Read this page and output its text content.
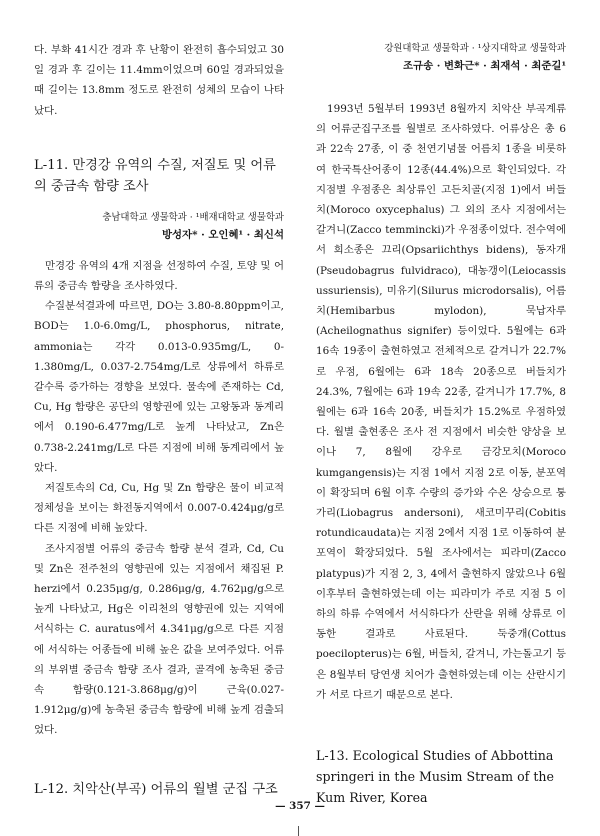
다. 부화 41시간 경과 후 난황이 완전히 흡수되었고 30일 경과 후 길이는 11.4mm이었으며 60일 경과되었을 때 길이는 13.8mm 정도로 완전히 성체의 모습이 나타났다.

L-11. 만경강 유역의 수질, 저질토 및 어류의 중금속 함량 조사

충남대학교 생물학과 · ¹배재대학교 생물학과

방성자* · 오인혜¹ · 최신석

만경강 유역의 4개 지점을 선정하여 수질, 토양 및 어류의 중금속 함량을 조사하였다.

수질분석결과에 따르면, DO는 3.80-8.80ppm이고, BOD는 1.0-6.0mg/L, phosphorus, nitrate, ammonia는 각각 0.013-0.935mg/L, 0-1.380mg/L, 0.037-2.754mg/L로 상류에서 하류로 갈수록 증가하는 경향을 보였다. 물속에 존재하는 Cd, Cu, Hg 함량은 공단의 영향권에 있는 고왕동과 동계리에서 0.190-6.477mg/L로 높게 나타났고, Zn은 0.738-2.241mg/L로 다른 지점에 비해 동계리에서 높았다.

저질토속의 Cd, Cu, Hg 및 Zn 함량은 물이 비교적 정체성을 보이는 화전동지역에서 0.007-0.424μg/g로 다른 지점에 비해 높았다.

조사지점별 어류의 중금속 함량 분석 결과, Cd, Cu 및 Zn은 전주천의 영향권에 있는 지점에서 채집된 P. herzi에서 0.235μg/g, 0.286μg/g, 4.762μg/g으로 높게 나타났고, Hg은 이리천의 영향권에 있는 지역에 서식하는 C. auratus에서 4.341μg/g으로 다른 지점에 서식하는 어종들에 비해 높은 값을 보여주었다. 어류의 부위별 중금속 함량 조사 결과, 골격에 농축된 중금속 함량(0.121-3.868μg/g)이 근육(0.027-1.912μg/g)에 농축된 중금속 함량에 비해 높게 검출되었다.

L-12. 치악산(부곡) 어류의 월별 군집 구조

강원대학교 생물학과 · ¹상지대학교 생물학과

조규송 · 변화근* · 최재석 · 최준길¹

1993년 5월부터 1993년 8월까지 치악산 부곡계류의 어류군집구조를 월별로 조사하였다. 어류상은 총 6과 22속 27종, 이 중 천연기념물 어름치 1종을 비롯하여 한국특산어종이 12종(44.4%)으로 확인되었다. 각 지점별 우점종은 최상류인 고든치골(지점 1)에서 버들치(Moroco oxycephalus) 그 외의 조사 지점에서는 갈겨니(Zacco temmincki)가 우점종이었다. 전수역에서 희소종은 끄리(Opsariichthys bidens), 동자개(Pseudobagrus fulvidraco), 대농갱이(Leiocassis ussuriensis), 미유기(Silurus microdorsalis), 어름치(Hemibarbus mylodon), 묵납자루(Acheilognathus signifer) 등이었다. 5월에는 6과 16속 19종이 출현하였고 전체적으로 갈겨니가 22.7%로 우점, 6월에는 6과 18속 20종으로 버들치가 24.3%, 7월에는 6과 19속 22종, 갈겨니가 17.7%, 8월에는 6과 16속 20종, 버들치가 15.2%로 우점하였다. 월별 출현종은 조사 전 지점에서 비슷한 양상을 보이나 7, 8월에 강우로 금강모치(Moroco kumgangensis)는 지점 1에서 지점 2로 이동, 분포역이 확장되며 6월 이후 수량의 증가와 수온 상승으로 퉁가리(Liobagrus andersoni), 새코미꾸리(Cobitis rotundicaudata)는 지점 2에서 지점 1로 이동하여 분포역이 확장되었다. 5월 조사에서는 피라미(Zacco platypus)가 지점 2, 3, 4에서 출현하지 않았으나 6월 이후부터 출현하였는데 이는 피라미가 주로 지점 5 이하의 하류 수역에서 서식하다가 산란을 위해 상류로 이동한 결과로 사료된다. 둑중개(Cottus poecilopterus)는 6월, 버들치, 갈겨니, 가는돌고기 등은 8월부터 당연생 치어가 출현하였는데 이는 산란시기가 서로 다르기 때문으로 본다.

L-13. Ecological Studies of Abbottina springeri in the Musim Stream of the Kum River, Korea
— 357 —
